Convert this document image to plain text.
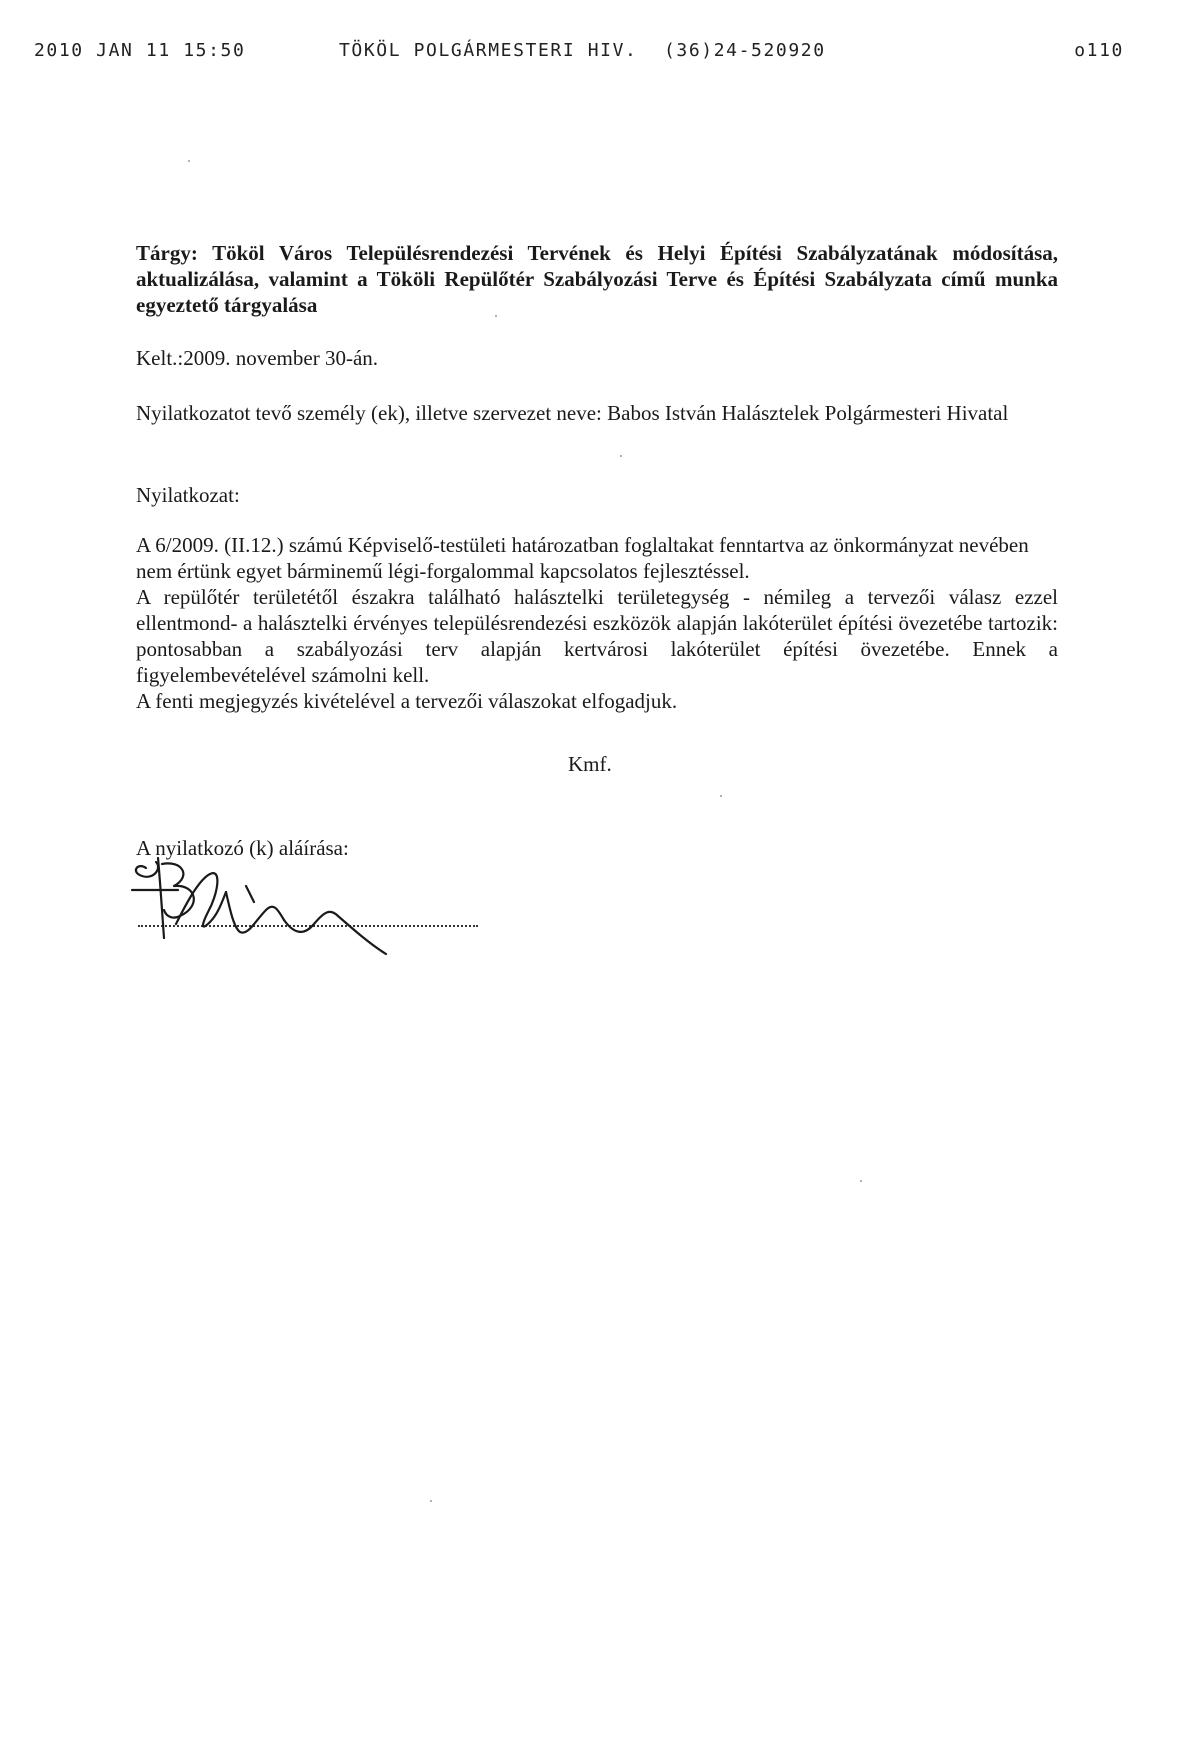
2010 JAN 11 15:50	TÖKÖL POLGÁRMESTERI HIV. (36)24-520920	o110
Tárgy: Tököl Város Településrendezési Tervének és Helyi Építési Szabályzatának módosítása, aktualizálása, valamint a Tököli Repülőtér Szabályozási Terve és Építési Szabályzata című munka egyeztető tárgyalása
Kelt.:2009. november 30-án.
Nyilatkozatot tevő személy (ek), illetve szervezet neve: Babos István Halásztelek Polgármesteri Hivatal
Nyilatkozat:

A 6/2009. (II.12.) számú Képviselő-testületi határozatban foglaltakat fenntartva az önkormányzat nevében nem értünk egyet bárminemű légi-forgalommal kapcsolatos fejlesztéssel.

A repülőtér területétől északra található halásztelki területegység - némileg a tervezői válasz ezzel ellentmond- a halásztelki érvényes településrendezési eszközök alapján lakóterület építési övezetébe tartozik: pontosabban a szabályozási terv alapján kertvárosi lakóterület építési övezetébe. Ennek a figyelembevételével számolni kell.

A fenti megjegyzés kivételével a tervezői válaszokat elfogadjuk.

Kmf.
A nyilatkozó (k) aláírása:
